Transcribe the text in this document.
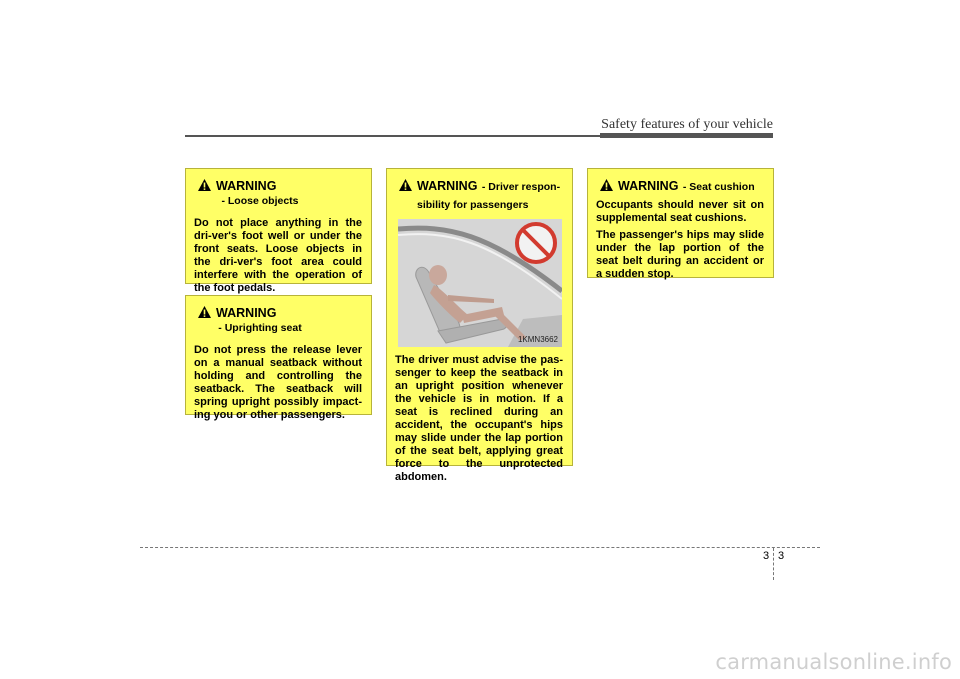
Safety features of your vehicle
WARNING - Loose objects
Do not place anything in the dri-ver's foot well or under the front seats. Loose objects in the dri-ver's foot area could interfere with the operation of the foot pedals.
WARNING - Uprighting seat
Do not press the release lever on a manual seatback without holding and controlling the seatback. The seatback will spring upright possibly impact-ing you or other passengers.
WARNING - Driver respon-sibility for passengers
1KMN3662
The driver must advise the pas-senger to keep the seatback in an upright position whenever the vehicle is in motion. If a seat is reclined during an accident, the occupant's hips may slide under the lap portion of the seat belt, applying great force to the unprotected abdomen.
WARNING - Seat cushion
Occupants should never sit on supplemental seat cushions.
The passenger's hips may slide under the lap portion of the seat belt during an accident or a sudden stop.
3 3
carmanualsonline.info
